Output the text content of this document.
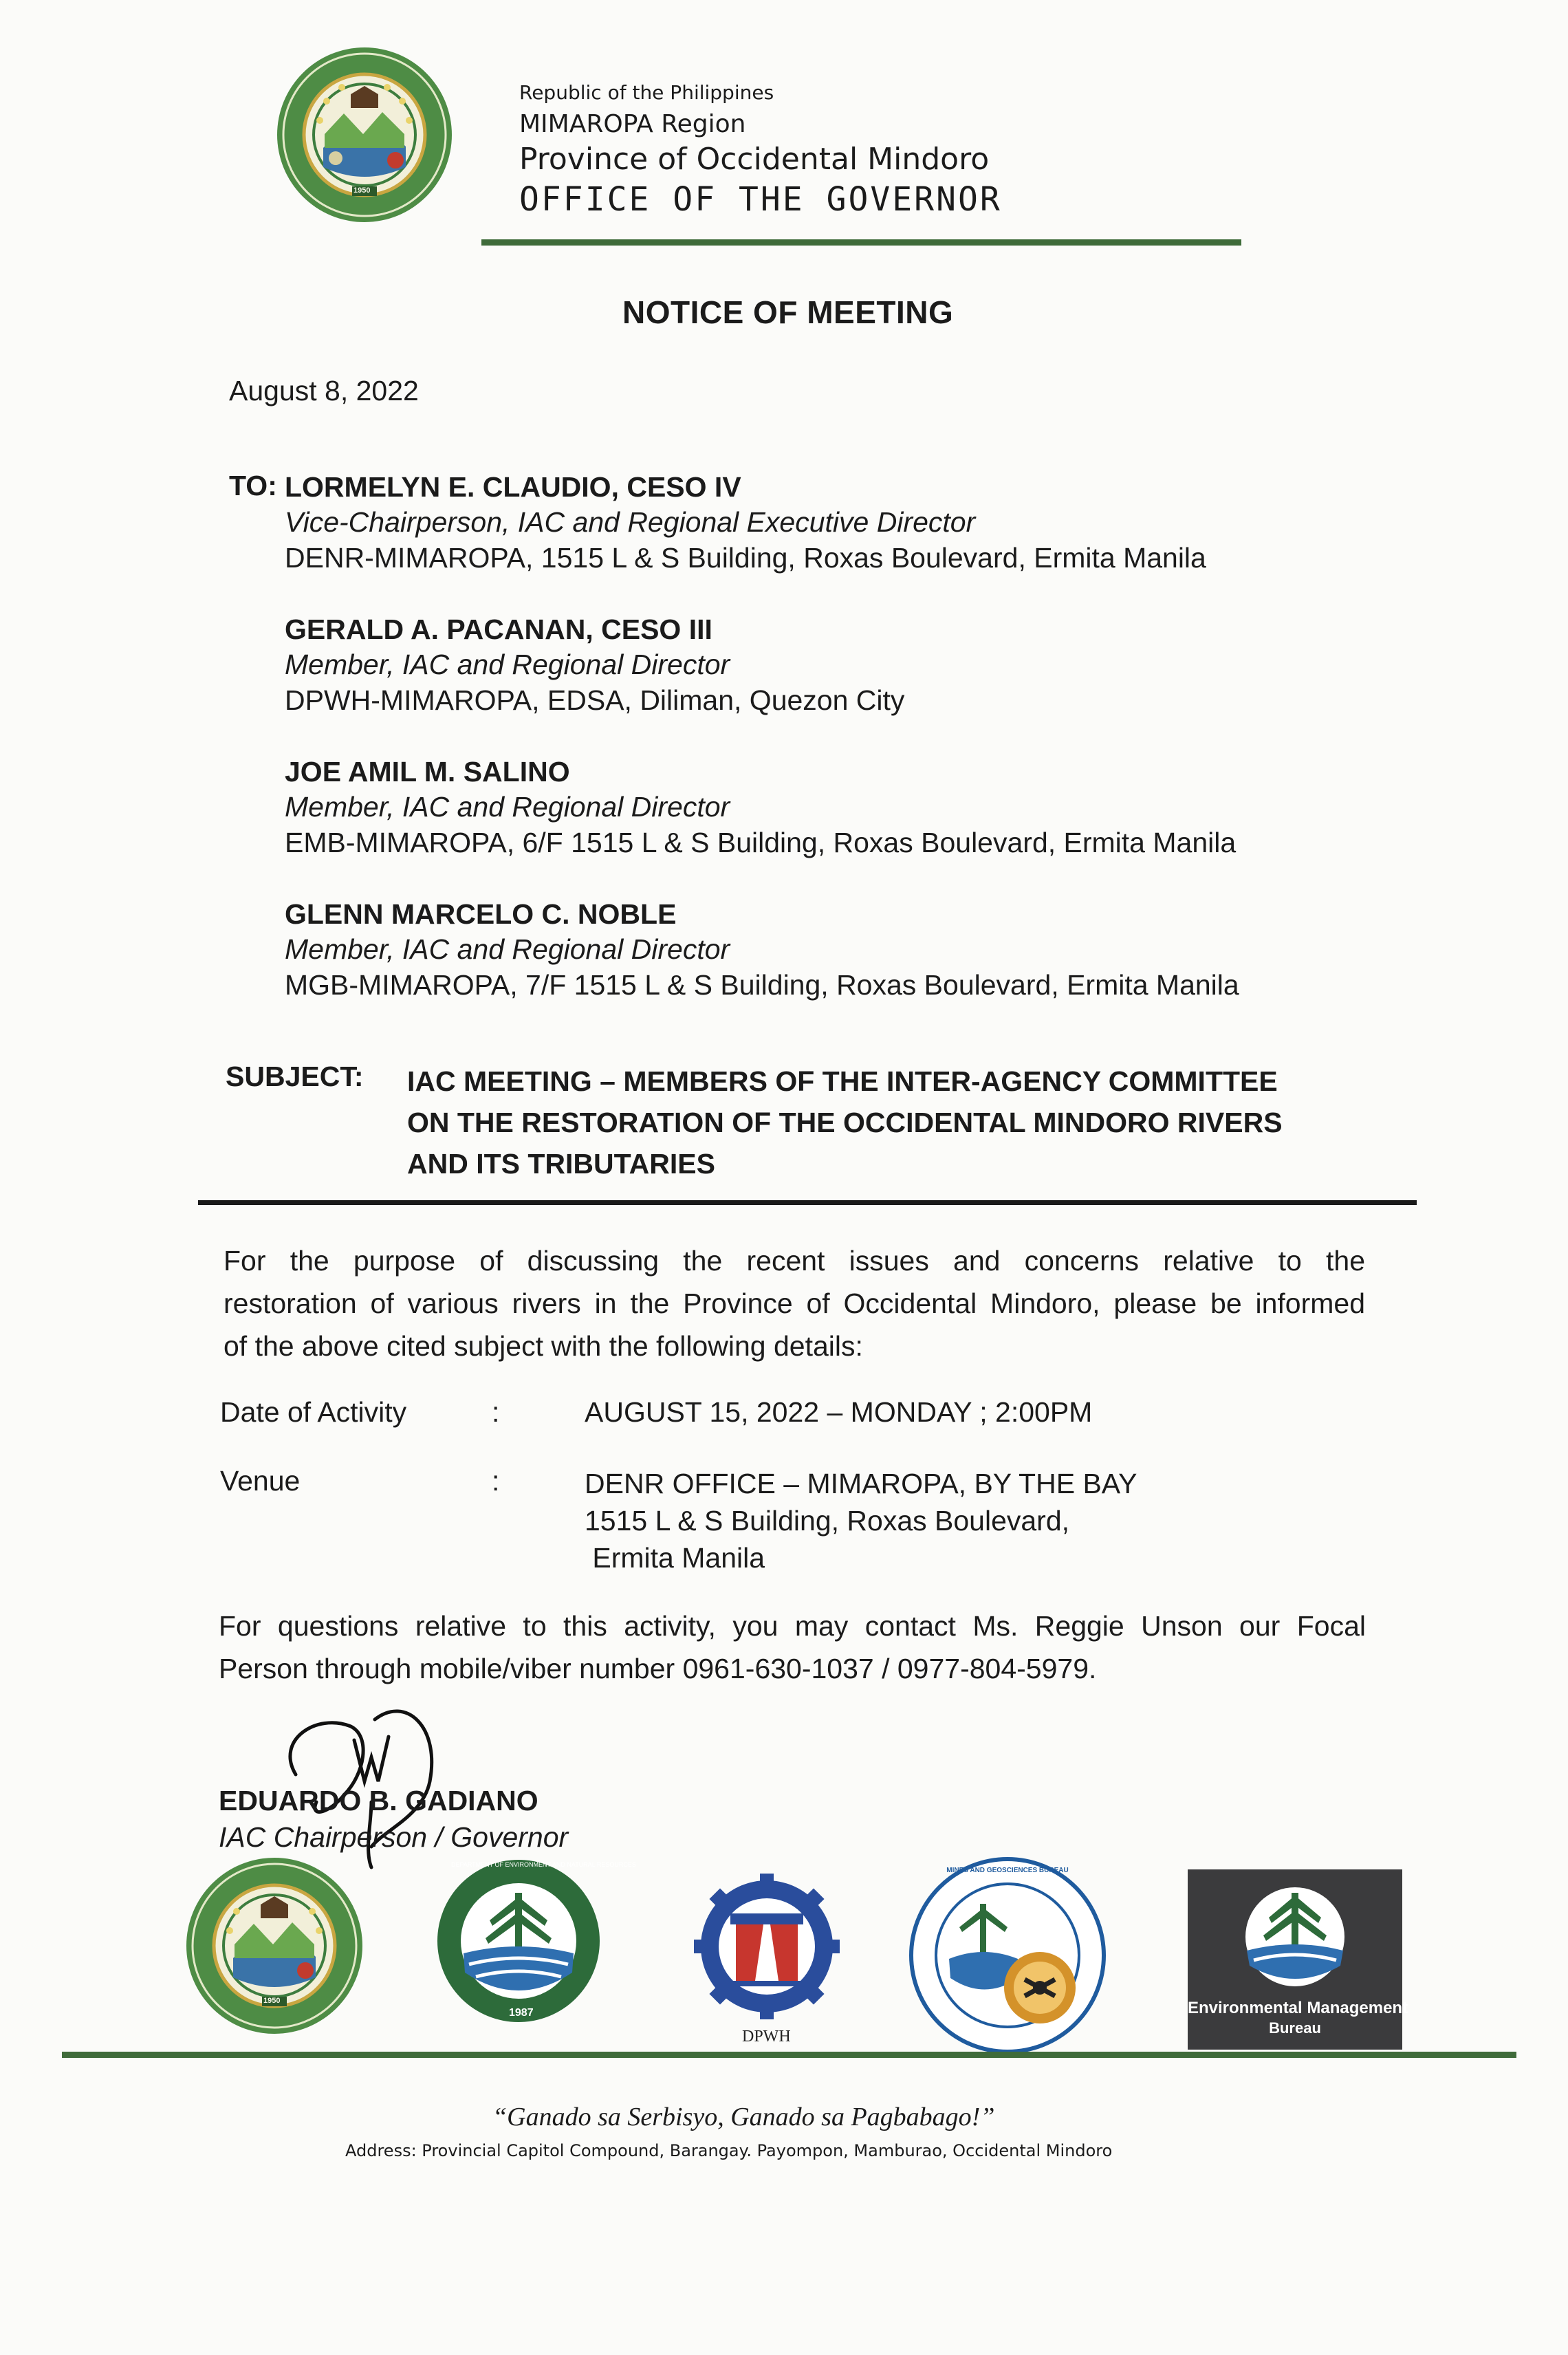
1950
Republic of the Philippines
MIMAROPA Region
Province of Occidental Mindoro
OFFICE OF THE GOVERNOR
NOTICE OF MEETING
August 8, 2022
TO: LORMELYN E. CLAUDIO, CESO IV
Vice-Chairperson, IAC and Regional Executive Director
DENR-MIMAROPA, 1515 L & S Building, Roxas Boulevard, Ermita Manila
GERALD A. PACANAN, CESO III
Member, IAC and Regional Director
DPWH-MIMAROPA, EDSA, Diliman, Quezon City
JOE AMIL M. SALINO
Member, IAC and Regional Director
EMB-MIMAROPA, 6/F 1515 L & S Building, Roxas Boulevard, Ermita Manila
GLENN MARCELO C. NOBLE
Member, IAC and Regional Director
MGB-MIMAROPA, 7/F 1515 L & S Building, Roxas Boulevard, Ermita Manila
SUBJECT: IAC MEETING – MEMBERS OF THE INTER-AGENCY COMMITTEE
ON THE RESTORATION OF THE OCCIDENTAL MINDORO RIVERS
AND ITS TRIBUTARIES
For the purpose of discussing the recent issues and concerns relative to the
restoration of various rivers in the Province of Occidental Mindoro, please be informed
of the above cited subject with the following details:
Date of Activity	:	AUGUST 15, 2022 – MONDAY ; 2:00PM
Venue	:	DENR OFFICE – MIMAROPA, BY THE BAY
1515 L & S Building, Roxas Boulevard,
Ermita Manila
For questions relative to this activity, you may contact Ms. Reggie Unson our Focal
Person through mobile/viber number 0961-630-1037 / 0977-804-5979.
EDUARDO B. GADIANO
IAC Chairperson / Governor
1950
DEPARTMENT OF ENVIRONMENT AND NATURAL RESOURCES
1987
DPWH
MINES AND GEOSCIENCES BUREAU
Environmental Management
Bureau
“Ganado sa Serbisyo, Ganado sa Pagbabago!”
Address: Provincial Capitol Compound, Barangay. Payompon, Mamburao, Occidental Mindoro
